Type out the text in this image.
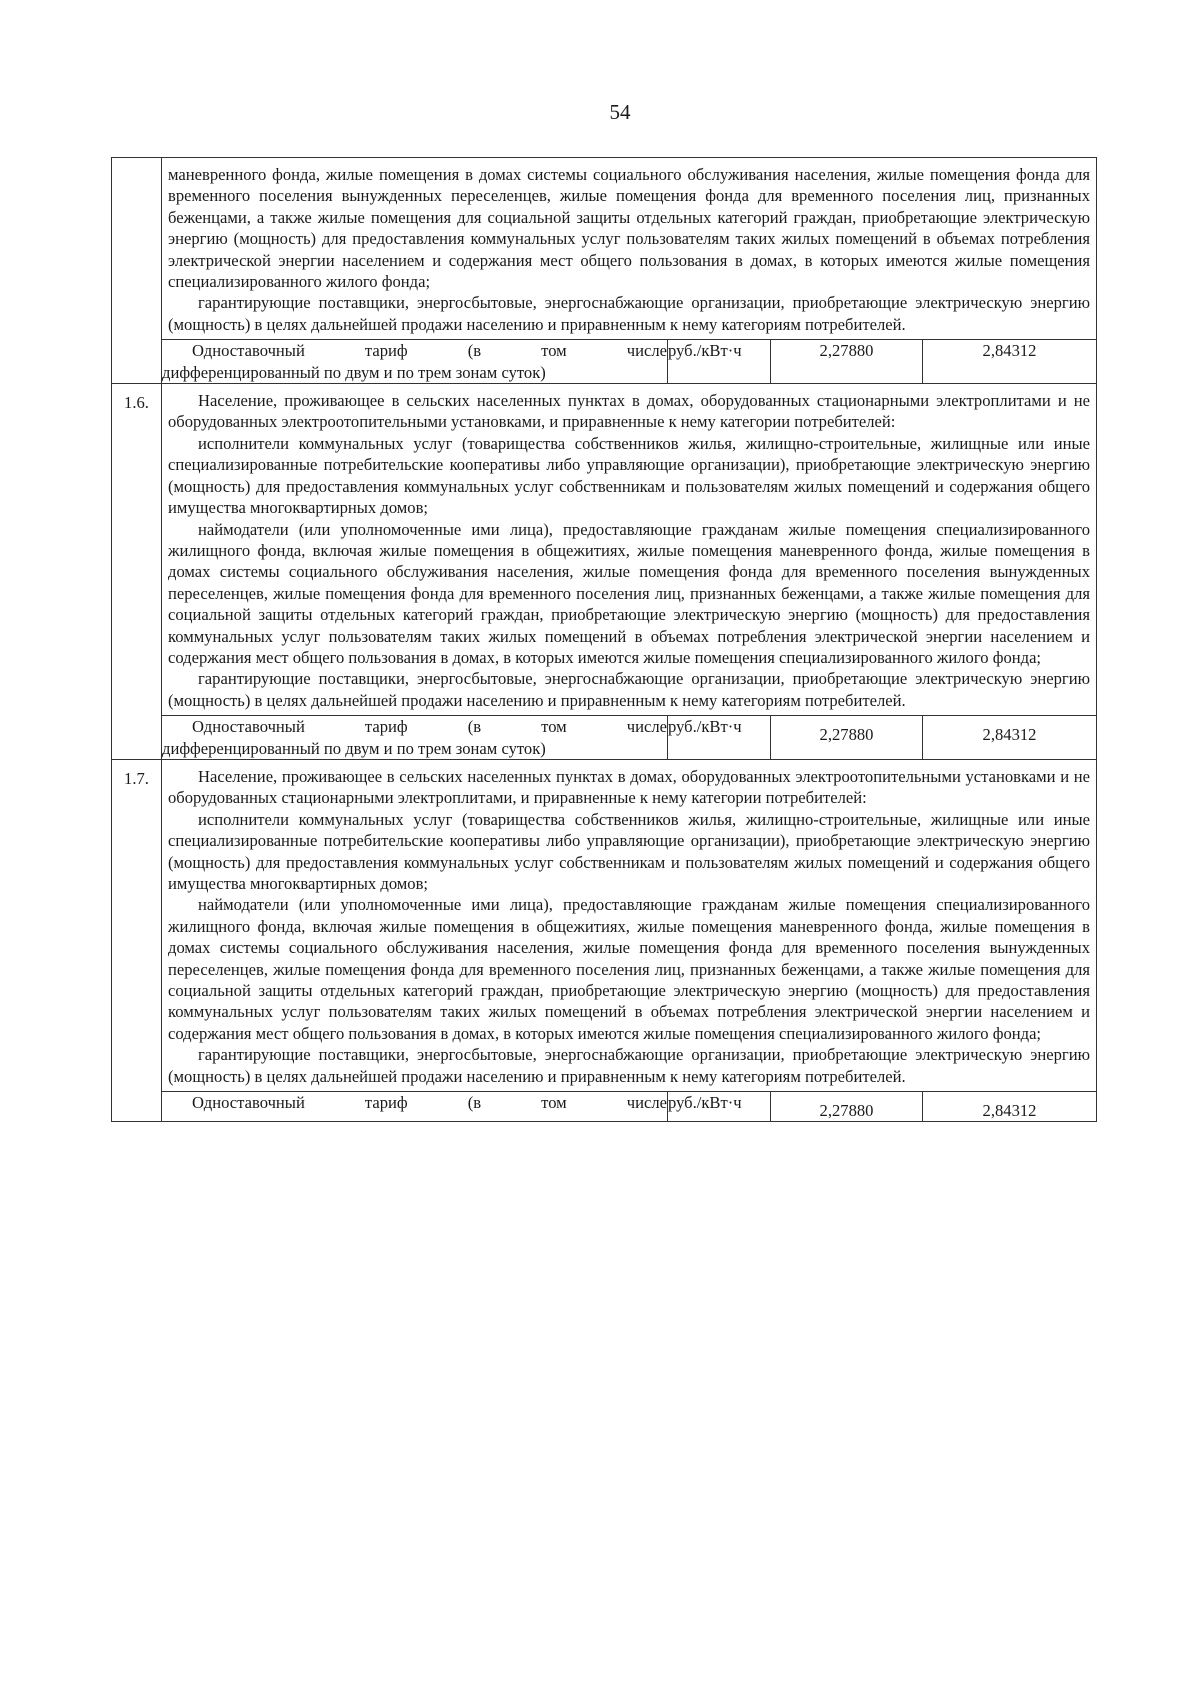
54

маневренного фонда, жилые помещения в домах системы социального обслуживания населения, жилые помещения фонда для временного поселения вынужденных переселенцев, жилые помещения фонда для временного поселения лиц, признанных беженцами, а также жилые помещения для социальной защиты отдельных категорий граждан, приобретающие электрическую энергию (мощность) для предоставления коммунальных услуг пользователям таких жилых помещений в объемах потребления электрической энергии населением и содержания мест общего пользования в домах, в которых имеются жилые помещения специализированного жилого фонда;

гарантирующие поставщики, энергосбытовые, энергоснабжающие организации, приобретающие электрическую энергию (мощность) в целях дальнейшей продажи населению и приравненным к нему категориям потребителей.

Одноставочный тариф (в том числе
дифференцированный по двум и по трем зонам суток)	руб./кВт·ч	2,27880	2,84312

1.6.	Население, проживающее в сельских населенных пунктах в домах, оборудованных стационарными электроплитами и не оборудованных электроотопительными установками, и приравненные к нему категории потребителей:

исполнители коммунальных услуг (товарищества собственников жилья, жилищно-строительные, жилищные или иные специализированные потребительские кооперативы либо управляющие организации), приобретающие электрическую энергию (мощность) для предоставления коммунальных услуг собственникам и пользователям жилых помещений и содержания общего имущества многоквартирных домов;

наймодатели (или уполномоченные ими лица), предоставляющие гражданам жилые помещения специализированного жилищного фонда, включая жилые помещения в общежитиях, жилые помещения маневренного фонда, жилые помещения в домах системы социального обслуживания населения, жилые помещения фонда для временного поселения вынужденных переселенцев, жилые помещения фонда для временного поселения лиц, признанных беженцами, а также жилые помещения для социальной защиты отдельных категорий граждан, приобретающие электрическую энергию (мощность) для предоставления коммунальных услуг пользователям таких жилых помещений в объемах потребления электрической энергии населением и содержания мест общего пользования в домах, в которых имеются жилые помещения специализированного жилого фонда;

гарантирующие поставщики, энергосбытовые, энергоснабжающие организации, приобретающие электрическую энергию (мощность) в целях дальнейшей продажи населению и приравненным к нему категориям потребителей.

Одноставочный тариф (в том числе
дифференцированный по двум и по трем зонам суток)	руб./кВт·ч	2,27880	2,84312

1.7.	Население, проживающее в сельских населенных пунктах в домах, оборудованных электроотопительными установками и не оборудованных стационарными электроплитами, и приравненные к нему категории потребителей:

исполнители коммунальных услуг (товарищества собственников жилья, жилищно-строительные, жилищные или иные специализированные потребительские кооперативы либо управляющие организации), приобретающие электрическую энергию (мощность) для предоставления коммунальных услуг собственникам и пользователям жилых помещений и содержания общего имущества многоквартирных домов;

наймодатели (или уполномоченные ими лица), предоставляющие гражданам жилые помещения специализированного жилищного фонда, включая жилые помещения в общежитиях, жилые помещения маневренного фонда, жилые помещения в домах системы социального обслуживания населения, жилые помещения фонда для временного поселения вынужденных переселенцев, жилые помещения фонда для временного поселения лиц, признанных беженцами, а также жилые помещения для социальной защиты отдельных категорий граждан, приобретающие электрическую энергию (мощность) для предоставления коммунальных услуг пользователям таких жилых помещений в объемах потребления электрической энергии населением и содержания мест общего пользования в домах, в которых имеются жилые помещения специализированного жилого фонда;

гарантирующие поставщики, энергосбытовые, энергоснабжающие организации, приобретающие электрическую энергию (мощность) в целях дальнейшей продажи населению и приравненным к нему категориям потребителей.

Одноставочный тариф (в том числе	руб./кВт·ч	2,27880	2,84312
